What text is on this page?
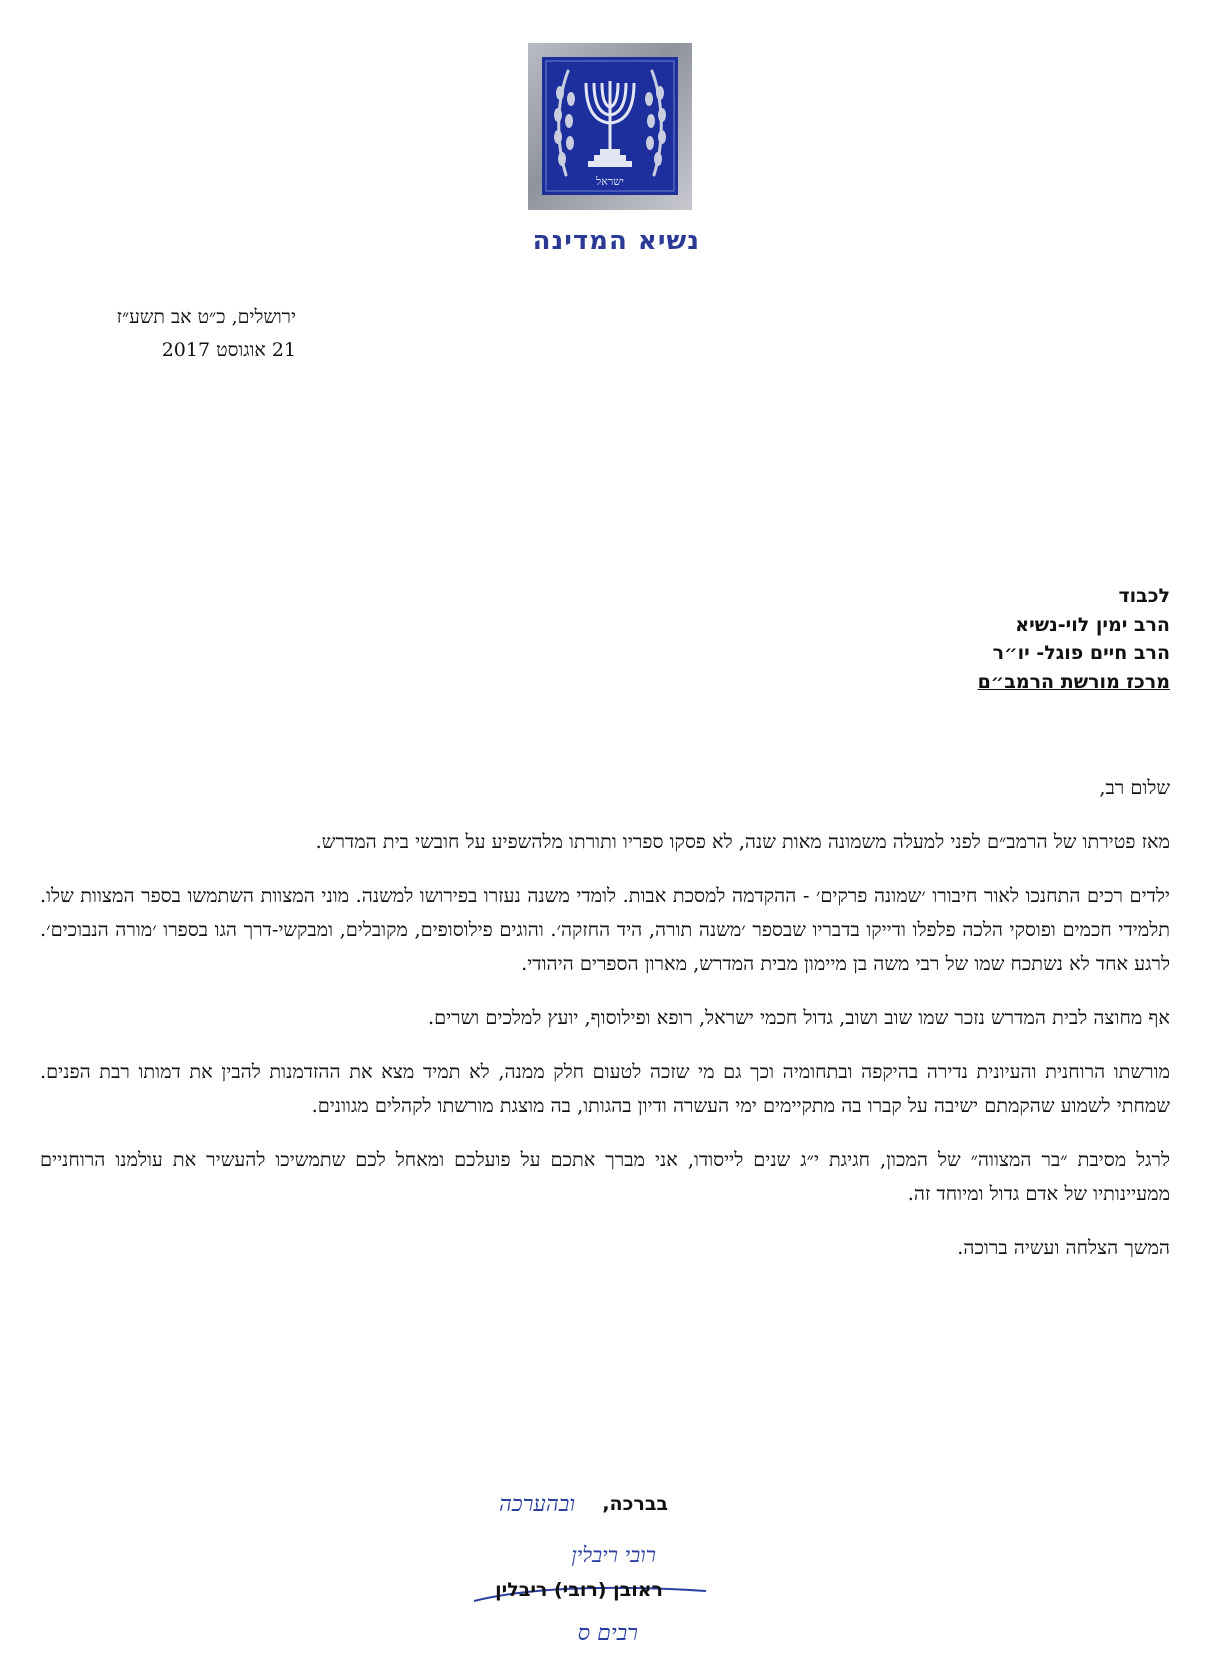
ישראל
נשיא המדינה
ירושלים, כ״ט אב תשע״ז
21 אוגוסט 2017
לכבוד
הרב ימין לוי-נשיא
הרב חיים פוגל- יו״ר
מרכז מורשת הרמב״ם

שלום רב,

מאז פטירתו של הרמב״ם לפני למעלה משמונה מאות שנה, לא פסקו ספריו ותורתו מלהשפיע על חובשי בית המדרש.

ילדים רכים התחנכו לאור חיבורו ׳שמונה פרקים׳ - ההקדמה למסכת אבות. לומדי משנה נעזרו בפירושו למשנה. מוני המצוות השתמשו בספר המצוות שלו. תלמידי חכמים ופוסקי הלכה פלפלו ודייקו בדבריו שבספר ׳משנה תורה, היד החזקה׳. והוגים פילוסופים, מקובלים, ומבקשי-דרך הגו בספרו ׳מורה הנבוכים׳. לרגע אחד לא נשתכח שמו של רבי משה בן מיימון מבית המדרש, מארון הספרים היהודי.

אף מחוצה לבית המדרש נזכר שמו שוב ושוב, גדול חכמי ישראל, רופא ופילוסוף, יועץ למלכים ושרים.

מורשתו הרוחנית והעיונית נדירה בהיקפה ובתחומיה וכך גם מי שזכה לטעום חלק ממנה, לא תמיד מצא את ההזדמנות להבין את דמותו רבת הפנים. שמחתי לשמוע שהקמתם ישיבה על קברו בה מתקיימים ימי העשרה ודיון בהגותו, בה מוצגת מורשתו לקהלים מגוונים.

לרגל מסיבת ״בר המצווה״ של המכון, חגיגת י״ג שנים לייסודו, אני מברך אתכם על פועלכם ומאחל לכם שתמשיכו להעשיר את עולמנו הרוחניים ממעיינותיו של אדם גדול ומיוחד זה.

המשך הצלחה ועשיה ברוכה.

בברכה,
ובהערכה
רובי ריבלין
ראובן (רובי) ריבלין
רבים ס
